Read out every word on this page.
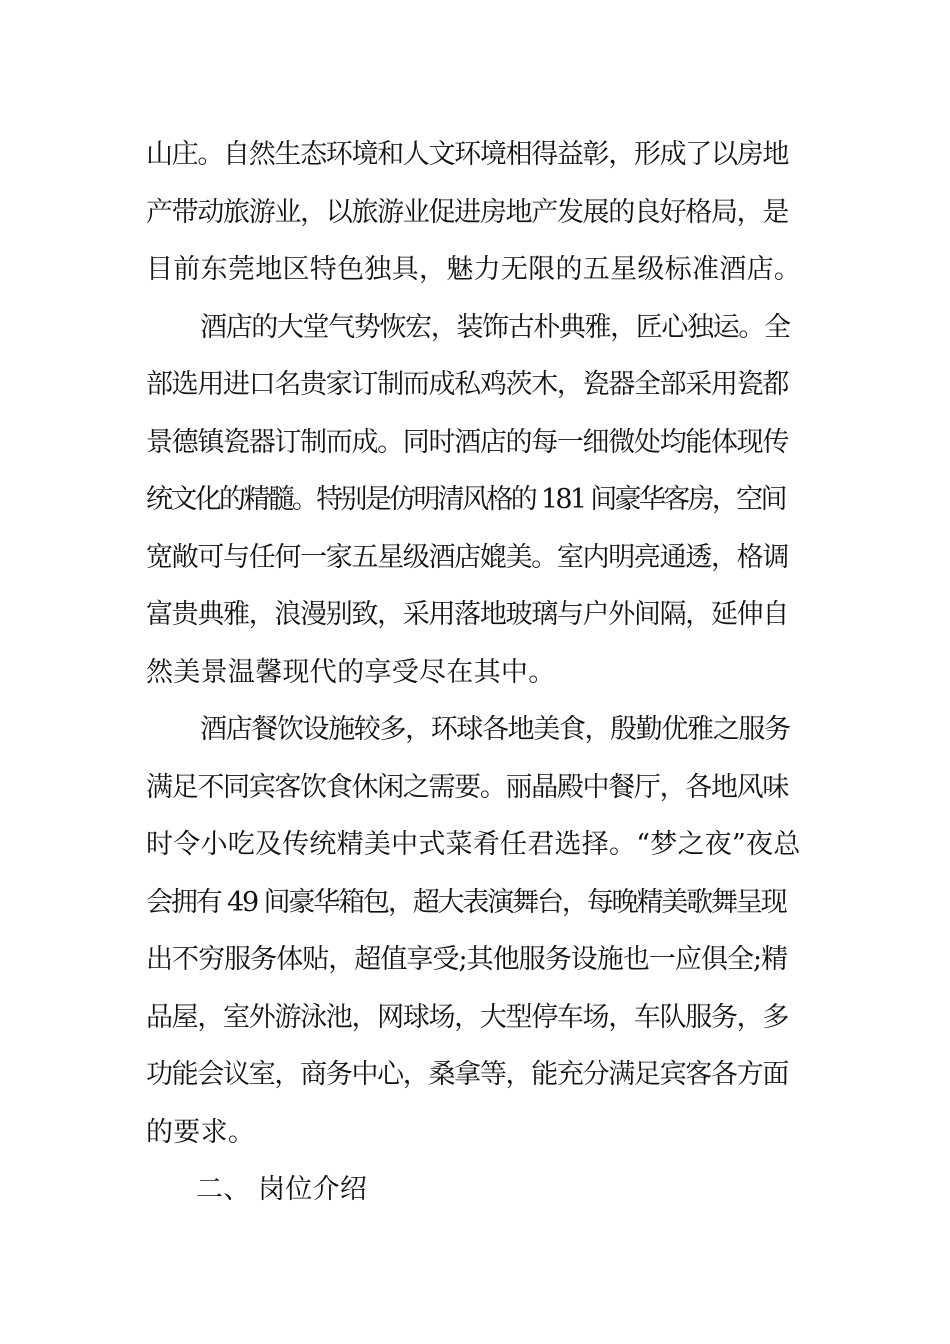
山庄。自然生态环境和人文环境相得益彰，形成了以房地
产带动旅游业，以旅游业促进房地产发展的良好格局，是
目前东莞地区特色独具，魅力无限的五星级标准酒店。
酒店的大堂气势恢宏，装饰古朴典雅，匠心独运。全
部选用进口名贵家订制而成私鸡茨木，瓷器全部采用瓷都
景德镇瓷器订制而成。同时酒店的每一细微处均能体现传
统文化的精髓。特别是仿明清风格的 181 间豪华客房，空间
宽敞可与任何一家五星级酒店媲美。室内明亮通透，格调
富贵典雅，浪漫别致，采用落地玻璃与户外间隔，延伸自
然美景温馨现代的享受尽在其中。
酒店餐饮设施较多，环球各地美食，殷勤优雅之服务
满足不同宾客饮食休闲之需要。丽晶殿中餐厅，各地风味
时令小吃及传统精美中式菜肴任君选择。“梦之夜”夜总
会拥有 49 间豪华箱包，超大表演舞台，每晚精美歌舞呈现
出不穷服务体贴，超值享受;其他服务设施也一应俱全;精
品屋，室外游泳池，网球场，大型停车场，车队服务，多
功能会议室，商务中心，桑拿等，能充分满足宾客各方面
的要求。
二、 岗位介绍
